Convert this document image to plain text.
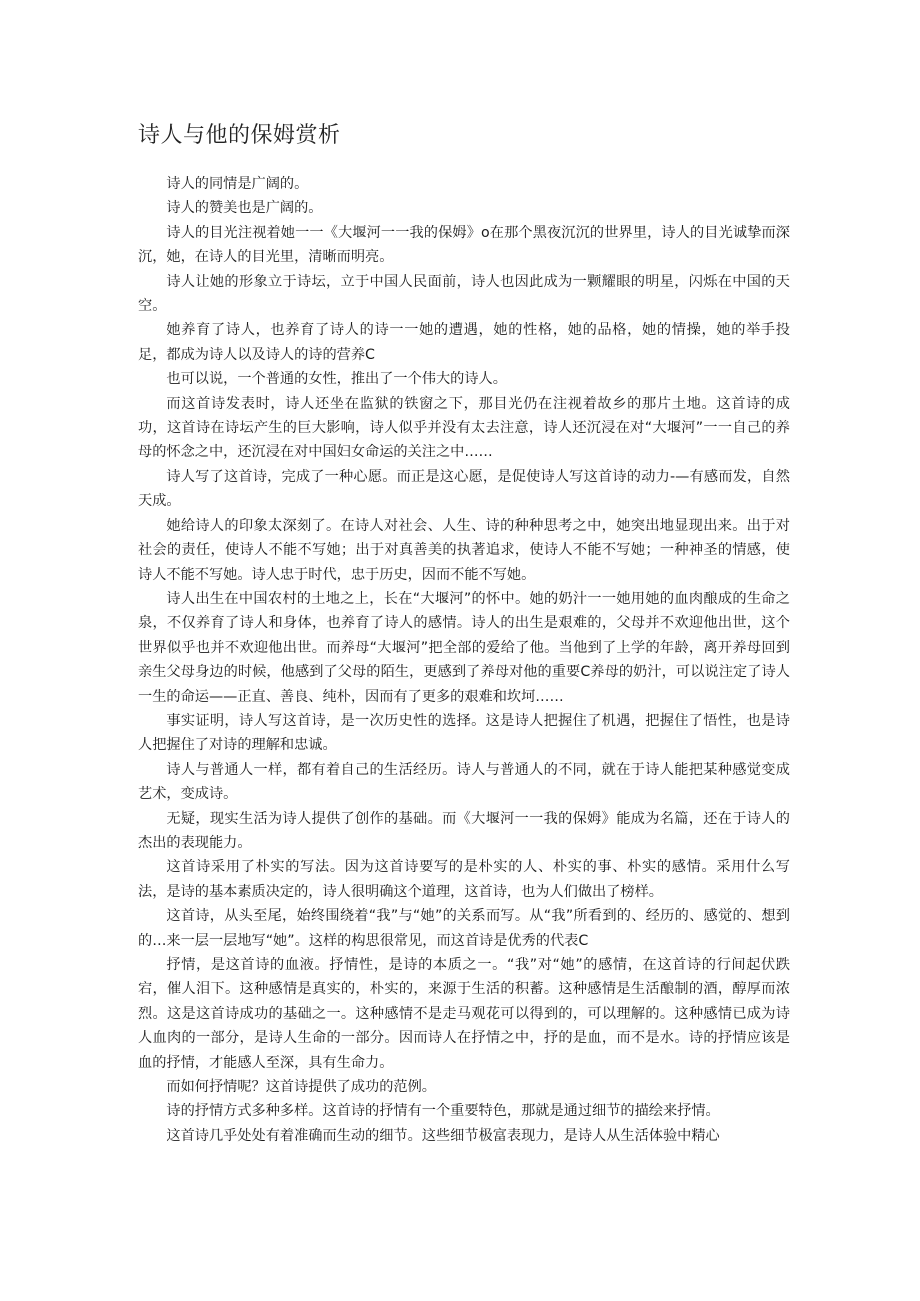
诗人与他的保姆赏析

诗人的同情是广阔的。

诗人的赞美也是广阔的。

诗人的目光注视着她一一《大堰河一一我的保姆》o在那个黑夜沉沉的世界里，诗人的目光诚挚而深沉，她，在诗人的目光里，清晰而明亮。

诗人让她的形象立于诗坛，立于中国人民面前，诗人也因此成为一颗耀眼的明星，闪烁在中国的天空。

她养育了诗人，也养育了诗人的诗一一她的遭遇，她的性格，她的品格，她的情操，她的举手投足，都成为诗人以及诗人的诗的营养C

也可以说，一个普通的女性，推出了一个伟大的诗人。

而这首诗发表时，诗人还坐在监狱的铁窗之下，那目光仍在注视着故乡的那片土地。这首诗的成功，这首诗在诗坛产生的巨大影响，诗人似乎并没有太去注意，诗人还沉浸在对“大堰河”一一自己的养母的怀念之中，还沉浸在对中国妇女命运的关注之中……

诗人写了这首诗，完成了一种心愿。而正是这心愿，是促使诗人写这首诗的动力-—有感而发，自然天成。

她给诗人的印象太深刻了。在诗人对社会、人生、诗的种种思考之中，她突出地显现出来。出于对社会的责任，使诗人不能不写她；出于对真善美的执著追求，使诗人不能不写她；一种神圣的情感，使诗人不能不写她。诗人忠于时代，忠于历史，因而不能不写她。

诗人出生在中国农村的土地之上，长在“大堰河”的怀中。她的奶汁一一她用她的血肉酿成的生命之泉，不仅养育了诗人和身体，也养育了诗人的感情。诗人的出生是艰难的，父母并不欢迎他出世，这个世界似乎也并不欢迎他出世。而养母“大堰河”把全部的爱给了他。当他到了上学的年龄，离开养母回到亲生父母身边的时候，他感到了父母的陌生，更感到了养母对他的重要C养母的奶汁，可以说注定了诗人一生的命运——正直、善良、纯朴，因而有了更多的艰难和坎坷……

事实证明，诗人写这首诗，是一次历史性的选择。这是诗人把握住了机遇，把握住了悟性，也是诗人把握住了对诗的理解和忠诚。

诗人与普通人一样，都有着自己的生活经历。诗人与普通人的不同，就在于诗人能把某种感觉变成艺术，变成诗。

无疑，现实生活为诗人提供了创作的基础。而《大堰河一一我的保姆》能成为名篇，还在于诗人的杰出的表现能力。

这首诗采用了朴实的写法。因为这首诗要写的是朴实的人、朴实的事、朴实的感情。采用什么写法，是诗的基本素质决定的，诗人很明确这个道理，这首诗，也为人们做出了榜样。

这首诗，从头至尾，始终围绕着“我”与“她”的关系而写。从“我”所看到的、经历的、感觉的、想到的…来一层一层地写“她”。这样的构思很常见，而这首诗是优秀的代表C

抒情，是这首诗的血液。抒情性，是诗的本质之一。“我”对“她”的感情，在这首诗的行间起伏跌宕，催人泪下。这种感情是真实的，朴实的，来源于生活的积蓄。这种感情是生活酿制的酒，醇厚而浓烈。这是这首诗成功的基础之一。这种感情不是走马观花可以得到的，可以理解的。这种感情已成为诗人血肉的一部分，是诗人生命的一部分。因而诗人在抒情之中，抒的是血，而不是水。诗的抒情应该是血的抒情，才能感人至深，具有生命力。

而如何抒情呢？这首诗提供了成功的范例。

诗的抒情方式多种多样。这首诗的抒情有一个重要特色，那就是通过细节的描绘来抒情。

这首诗几乎处处有着准确而生动的细节。这些细节极富表现力，是诗人从生活体验中精心
